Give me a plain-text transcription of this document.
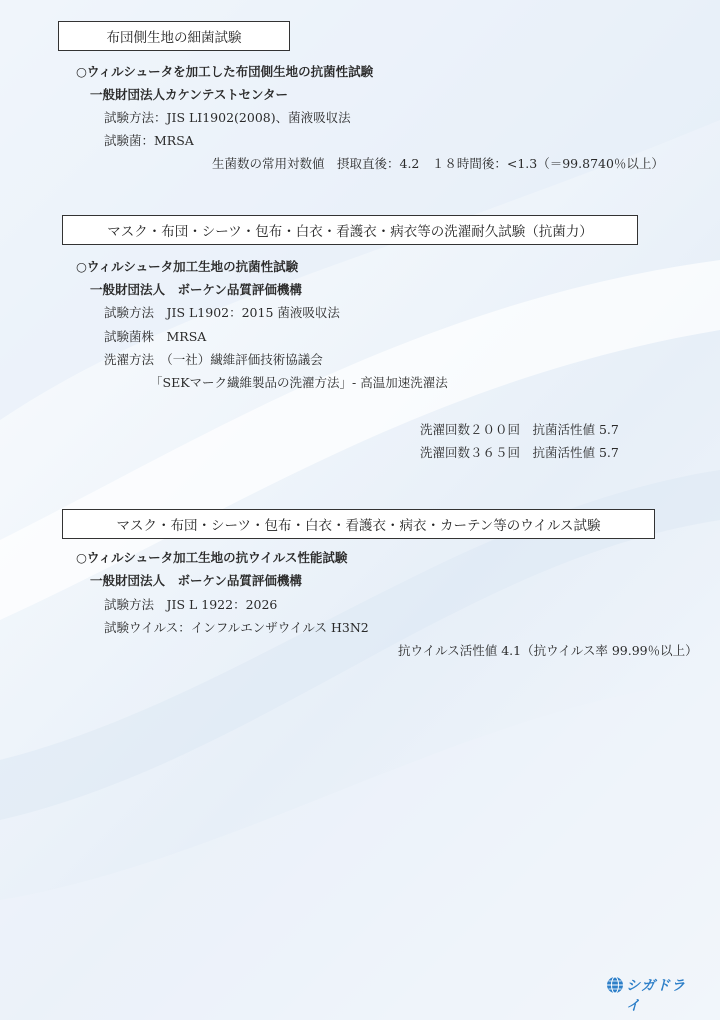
布団側生地の細菌試験
○ウィルシュータを加工した布団側生地の抗菌性試験
一般財団法人カケンテストセンター
試験方法：JIS LI1902(2008)、菌液吸収法
試験菌：MRSA
生菌数の常用対数値　摂取直後：4.2　１８時間後：<1.3（＝99.8740％以上）
マスク・布団・シーツ・包布・白衣・看護衣・病衣等の洗濯耐久試験（抗菌力）
○ウィルシュータ加工生地の抗菌性試験
一般財団法人　ボーケン品質評価機構
試験方法　JIS L1902：2015 菌液吸収法
試験菌株　MRSA
洗濯方法　（一社）繊維評価技術協議会
「SEKマーク繊維製品の洗濯方法」- 高温加速洗濯法
洗濯回数２００回　抗菌活性値 5.7
洗濯回数３６５回　抗菌活性値 5.7
マスク・布団・シーツ・包布・白衣・看護衣・病衣・カーテン等のウイルス試験
○ウィルシュータ加工生地の抗ウイルス性能試験
一般財団法人　ボーケン品質評価機構
試験方法　JIS L 1922：2026
試験ウイルス：インフルエンザウイルス H3N2
抗ウイルス活性値 4.1（抗ウイルス率 99.99％以上）
シガドライ
